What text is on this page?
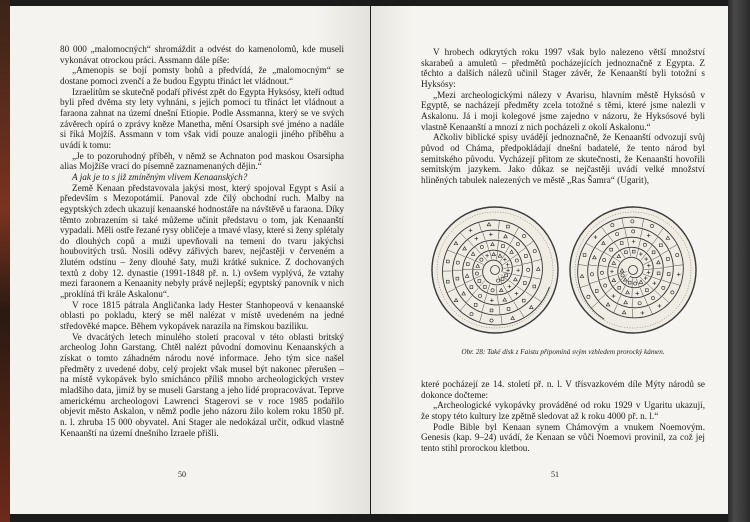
80 000 „malomocných“ shromáždit a odvést do kamenolomů, kde museli vykonávat otrockou práci. Assmann dále píše:

„Amenopis se bojí pomsty bohů a předvídá, že „malomocným“ se dostane pomoci zvenčí a že budou Egyptu třináct let vládnout.“

Izraelitům se skutečně podaří přivést zpět do Egypta Hyksósy, kteří odtud byli před dvěma sty lety vyhnáni, s jejich pomocí tu třináct let vládnout a faraona zahnat na území dnešní Etiopie. Podle Assmanna, který se ve svých závěrech opírá o zprávy kněze Manetha, mění Osarsiph své jméno a nadále si říká Mojžíš. Assmann v tom však vidí pouze analogii jiného příběhu a uvádí k tomu:

„Je to pozoruhodný příběh, v němž se Achnaton pod maskou Osarsipha alias Mojžíše vrací do písemně zaznamenaných dějin.“

A jak je to s již zmíněným vlivem Kenaanských?

Země Kenaan představovala jakýsi most, který spojoval Egypt s Asií a především s Mezopotámií. Panoval zde čilý obchodní ruch. Malby na egyptských zdech ukazují kenaanské hodnostáře na návštěvě u faraona. Díky těmto zobrazením si také můžeme učinit představu o tom, jak Kenaanští vypadali. Měli ostře řezané rysy obličeje a tmavé vlasy, které si ženy splétaly do dlouhých copů a muži upevňovali na temeni do tvaru jakýchsi houbovitých trsů. Nosili oděvy zářivých barev, nejčastěji v červeném a žlutém odstínu – ženy dlouhé šaty, muži krátké suknice. Z dochovaných textů z doby 12. dynastie (1991-1848 př. n. l.) ovšem vyplývá, že vztahy mezi faraonem a Kenaanity nebyly právě nejlepší; egyptský panovník v nich „proklíná tři krále Askalonu“.

V roce 1815 pátrala Angličanka lady Hester Stanhopeová v kenaanské oblasti po pokladu, který se měl nalézat v místě uvedeném na jedné středověké mapce. Během vykopávek narazila na římskou baziliku.

Ve dvacátých letech minulého století pracoval v této oblasti britský archeolog John Garstang. Chtěl nalézt původní domovinu Kenaanských a získat o tomto záhadném národu nové informace. Jeho tým sice našel předměty z uvedené doby, celý projekt však musel být nakonec přerušen – na místě vykopávek bylo smíchánco příliš mnoho archeologických vrstev mladšího data, jimiž by se museli Garstang a jeho lidé propracovávat. Teprve americkému archeologovi Lawrenci Stagerovi se v roce 1985 podařilo objevit město Askalon, v němž podle jeho názoru žilo kolem roku 1850 př. n. l. zhruba 15 000 obyvatel. Ani Stager ale nedokázal určit, odkud vlastně Kenaanští na území dnešního Izraele přišli.

50

V hrobech odkrytých roku 1997 však bylo nalezeno větší množství skarabeů a amuletů – předmětů pocházejících jednoznačně z Egypta. Z těchto a dalších nálezů učinil Stager závěr, že Kenaanští byli totožní s Hyksósy:

„Mezi archeologickými nálezy v Avarisu, hlavním městě Hyksósů v Egyptě, se nacházejí předměty zcela totožné s těmi, které jsme nalezli v Askalonu. Já i moji kolegové jsme zajedno v názoru, že Hyksósové byli vlastně Kenaanští a mnozí z nich pocházeli z okolí Askalonu.“

Ačkoliv biblické spisy uvádějí jednoznačně, že Kenaanští odvozují svůj původ od Cháma, předpokládají dnešní badatelé, že tento národ byl semitského původu. Vycházejí přitom ze skutečnosti, že Kenaanští hovořili semitským jazykem. Jako důkaz se nejčastěji uvádí velké množství hliněných tabulek nalezených ve městě „Ras Šamra“ (Ugarit),

Obr. 28: Také disk z Faistu připomíná svým vzhledem prorocký kámen.

které pocházejí ze 14. století př. n. l. V třísvazkovém díle Mýty národů se dokonce dočteme:

„Archeologické vykopávky prováděné od roku 1929 v Ugaritu ukazují, že stopy této kultury lze zpětně sledovat až k roku 4000 př. n. l.“

Podle Bible byl Kenaan synem Chámovým a vnukem Noemovým. Genesis (kap. 9–24) uvádí, že Kenaan se vůči Noemovi provinil, za což jej tento stihl prorockou kletbou.

51
